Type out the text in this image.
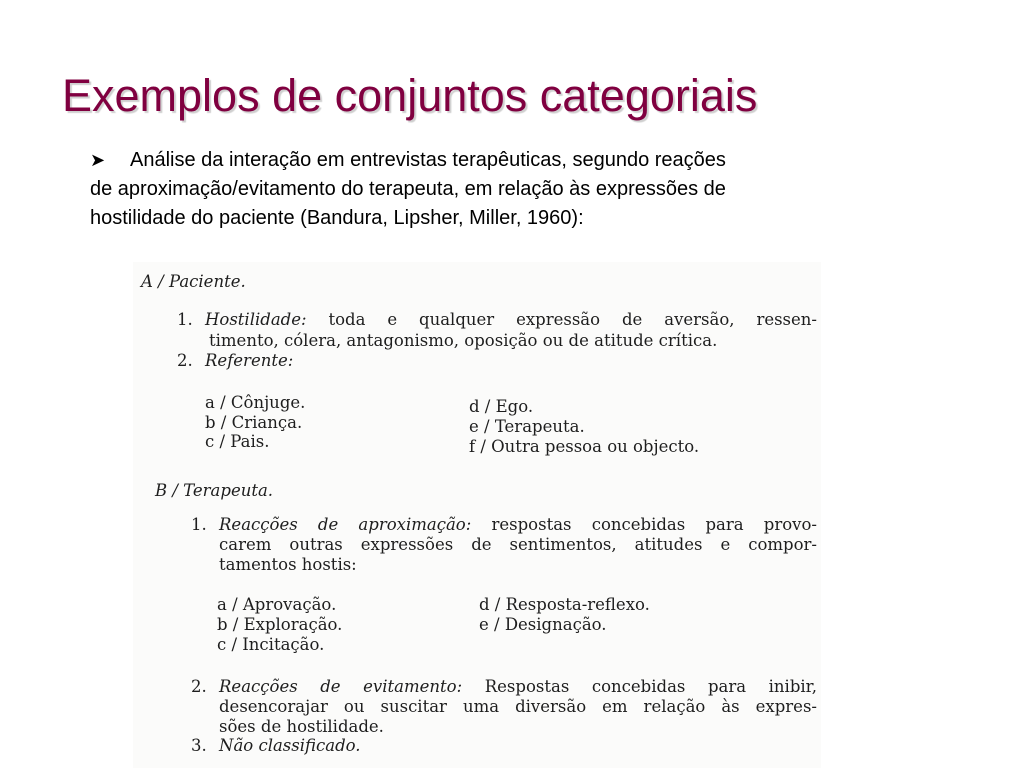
Exemplos de conjuntos categoriais

➤ Análise da interação em entrevistas terapêuticas, segundo reações

de aproximação/evitamento do terapeuta, em relação às expressões de

hostilidade do paciente (Bandura, Lipsher, Miller, 1960):

A / Paciente.
1. Hostilidade: toda e qualquer expressão de aversão, ressen-
timento, cólera, antagonismo, oposição ou de atitude crítica.
2. Referente:
a / Cônjuge.
b / Criança.
c / Pais.
d / Ego.
e / Terapeuta.
f / Outra pessoa ou objecto.
B / Terapeuta.
1. Reacções de aproximação: respostas concebidas para provo-
carem outras expressões de sentimentos, atitudes e compor-
tamentos hostis:
a / Aprovação.
b / Exploração.
c / Incitação.
d / Resposta-reflexo.
e / Designação.
2. Reacções de evitamento: Respostas concebidas para inibir,
desencorajar ou suscitar uma diversão em relação às expres-
sões de hostilidade.
3. Não classificado.
